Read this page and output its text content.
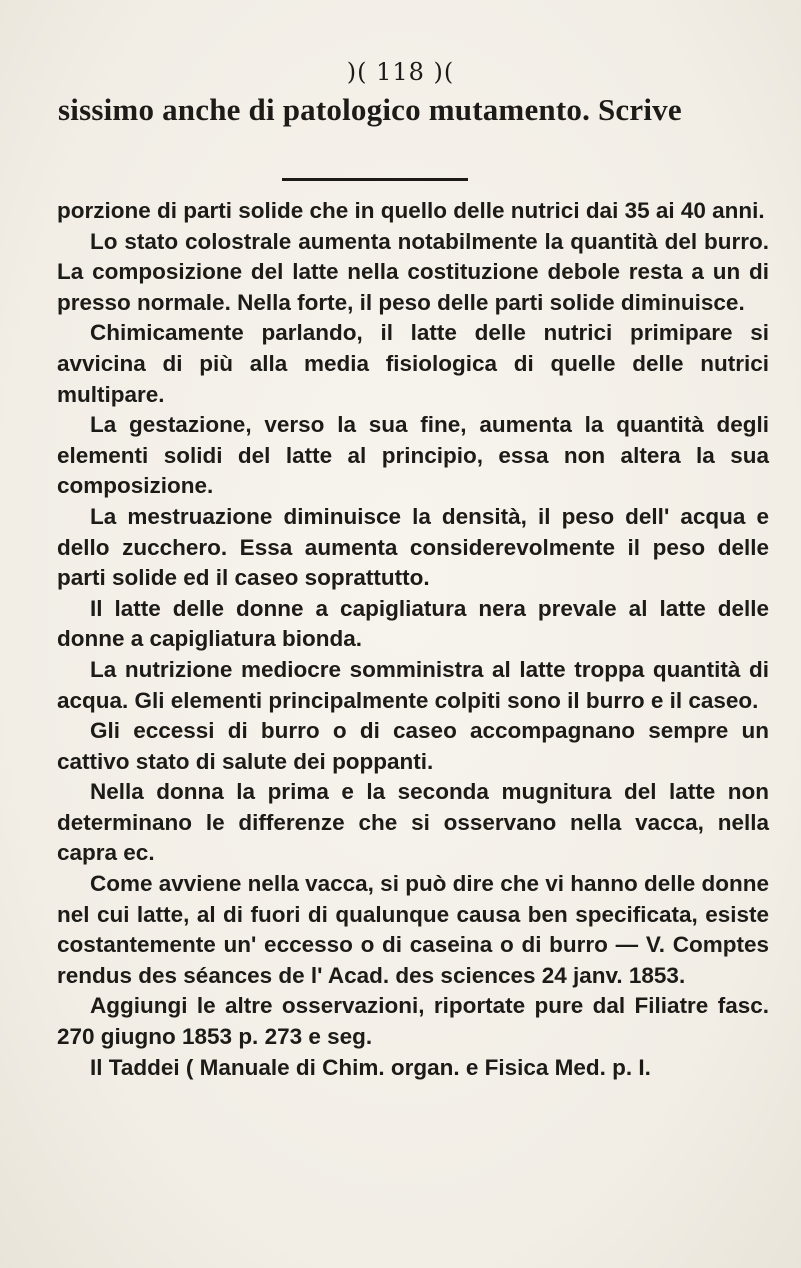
)( 118 )(
sissimo anche di patologico mutamento. Scrive

porzione di parti solide che in quello delle nutrici dai 35 ai 40 anni.

Lo stato colostrale aumenta notabilmente la quantità del burro. La composizione del latte nella costituzione debole resta a un di presso normale. Nella forte, il peso delle parti solide diminuisce.

Chimicamente parlando, il latte delle nutrici primipare si avvicina di più alla media fisiologica di quelle delle nutrici multipare.

La gestazione, verso la sua fine, aumenta la quantità degli elementi solidi del latte al principio, essa non altera la sua composizione.

La mestruazione diminuisce la densità, il peso dell' acqua e dello zucchero. Essa aumenta considerevolmente il peso delle parti solide ed il caseo soprattutto.

Il latte delle donne a capigliatura nera prevale al latte delle donne a capigliatura bionda.

La nutrizione mediocre somministra al latte troppa quantità di acqua. Gli elementi principalmente colpiti sono il burro e il caseo.

Gli eccessi di burro o di caseo accompagnano sempre un cattivo stato di salute dei poppanti.

Nella donna la prima e la seconda mugnitura del latte non determinano le differenze che si osservano nella vacca, nella capra ec.

Come avviene nella vacca, si può dire che vi hanno delle donne nel cui latte, al di fuori di qualunque causa ben specificata, esiste costantemente un' eccesso o di caseina o di burro — V. Comptes rendus des séances de l' Acad. des sciences 24 janv. 1853.

Aggiungi le altre osservazioni, riportate pure dal Filiatre fasc. 270 giugno 1853 p. 273 e seg.

Il Taddei ( Manuale di Chim. organ. e Fisica Med. p. I.
